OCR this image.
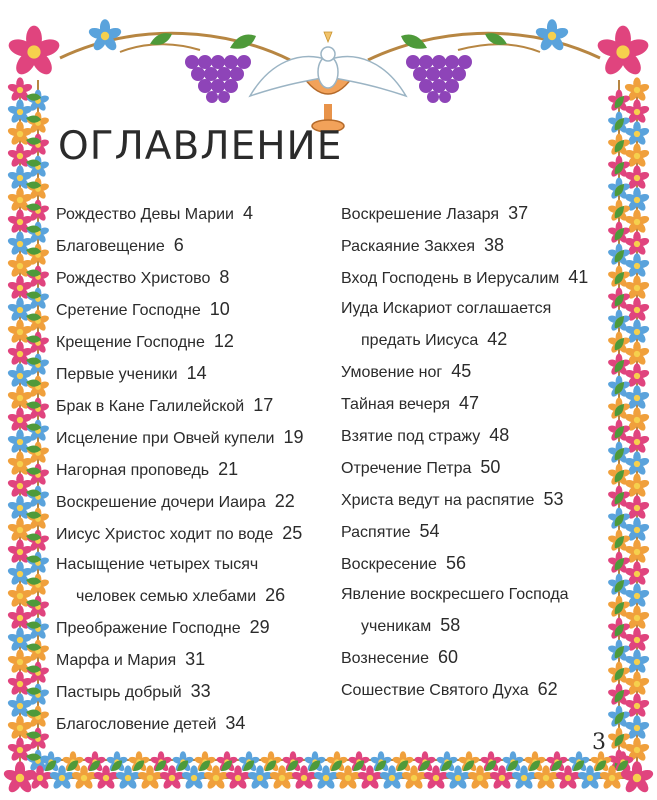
ОГЛАВЛЕНИЕ
Рождество Девы Марии 4
Благовещение 6
Рождество Христово 8
Сретение Господне 10
Крещение Господне 12
Первые ученики 14
Брак в Кане Галилейской 17
Исцеление при Овчей купели 19
Нагорная проповедь 21
Воскрешение дочери Иаира 22
Иисус Христос ходит по воде 25
Насыщение четырех тысяч
человек семью хлебами 26
Преображение Господне 29
Марфа и Мария 31
Пастырь добрый 33
Благословение детей 34
Воскрешение Лазаря 37
Раскаяние Закхея 38
Вход Господень в Иерусалим 41
Иуда Искариот соглашается
предать Иисуса 42
Умовение ног 45
Тайная вечеря 47
Взятие под стражу 48
Отречение Петра 50
Христа ведут на распятие 53
Распятие 54
Воскресение 56
Явление воскресшего Господа
ученикам 58
Вознесение 60
Сошествие Святого Духа 62
3
